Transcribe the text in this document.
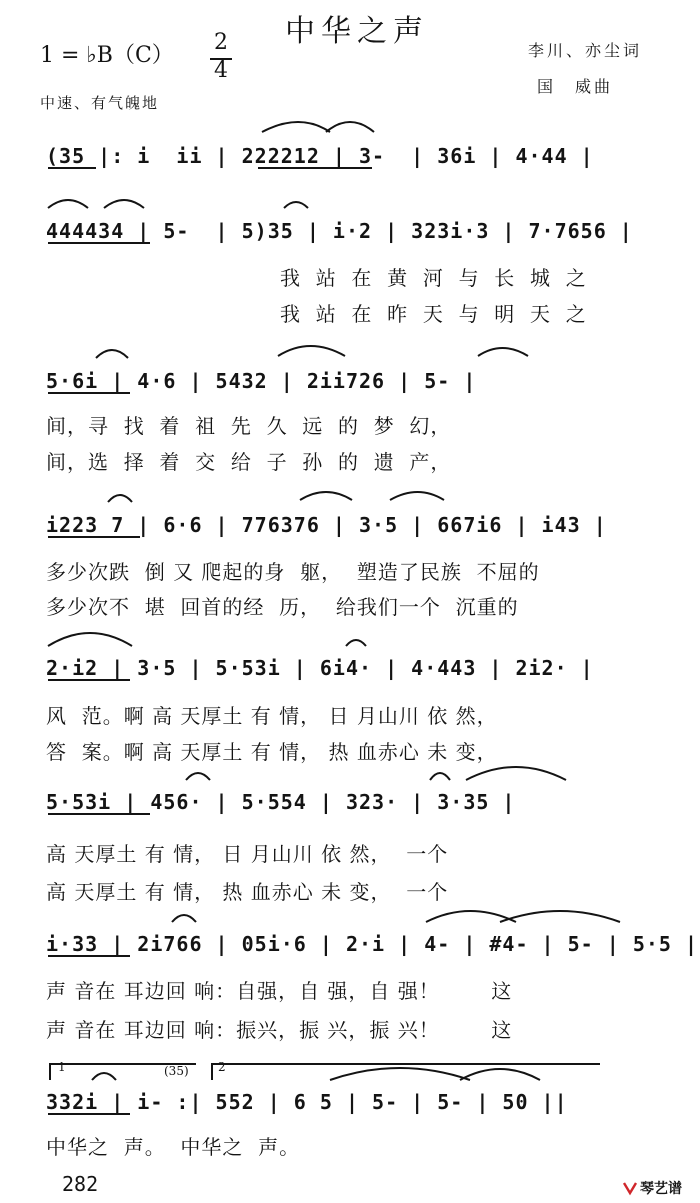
中华之声
1 = ♭B（C）
2
4
李川、亦尘词
国　威曲
中速、有气魄地
(35 |: i  ii | 222212 | 3-  | 36i | 4·44 |
444434 | 5-  | 5)35 | i·2 | 323i·3 | 7·7656 |
我  站  在  黄  河  与  长  城  之
我  站  在  昨  天  与  明  天  之
5·6i | 4·6 | 5432 | 2ii726 | 5- |
间，寻  找  着  祖  先  久  远  的  梦  幻，
间，选  择  着  交  给  子  孙  的  遗  产，
i223 7 | 6·6 | 776376 | 3·5 | 667i6 | i43 |
多少次跌  倒 又 爬起的身  躯，  塑造了民族  不屈的
多少次不  堪  回首的经  历，  给我们一个  沉重的
2·i2 | 3·5 | 5·53i | 6i4· | 4·443 | 2i2· |
风  范。啊 高 天厚土 有 情， 日 月山川 依 然，
答  案。啊 高 天厚土 有 情， 热 血赤心 未 变，
5·53i | 456· | 5·554 | 323· | 3·35 |
高 天厚土 有 情， 日 月山川 依 然，  一个
高 天厚土 有 情， 热 血赤心 未 变，  一个
i·33 | 2i766 | 05i·6 | 2·i | 4- | #4- | 5- | 5·5 |
声 音在 耳边回 响：自强，自 强，自 强！       这
声 音在 耳边回 响：振兴，振 兴，振 兴！       这
1	2
(35)
332i | i- :| 552 | 6 5 | 5- | 5- | 50 ||
中华之  声。  中华之  声。
282	琴艺谱
